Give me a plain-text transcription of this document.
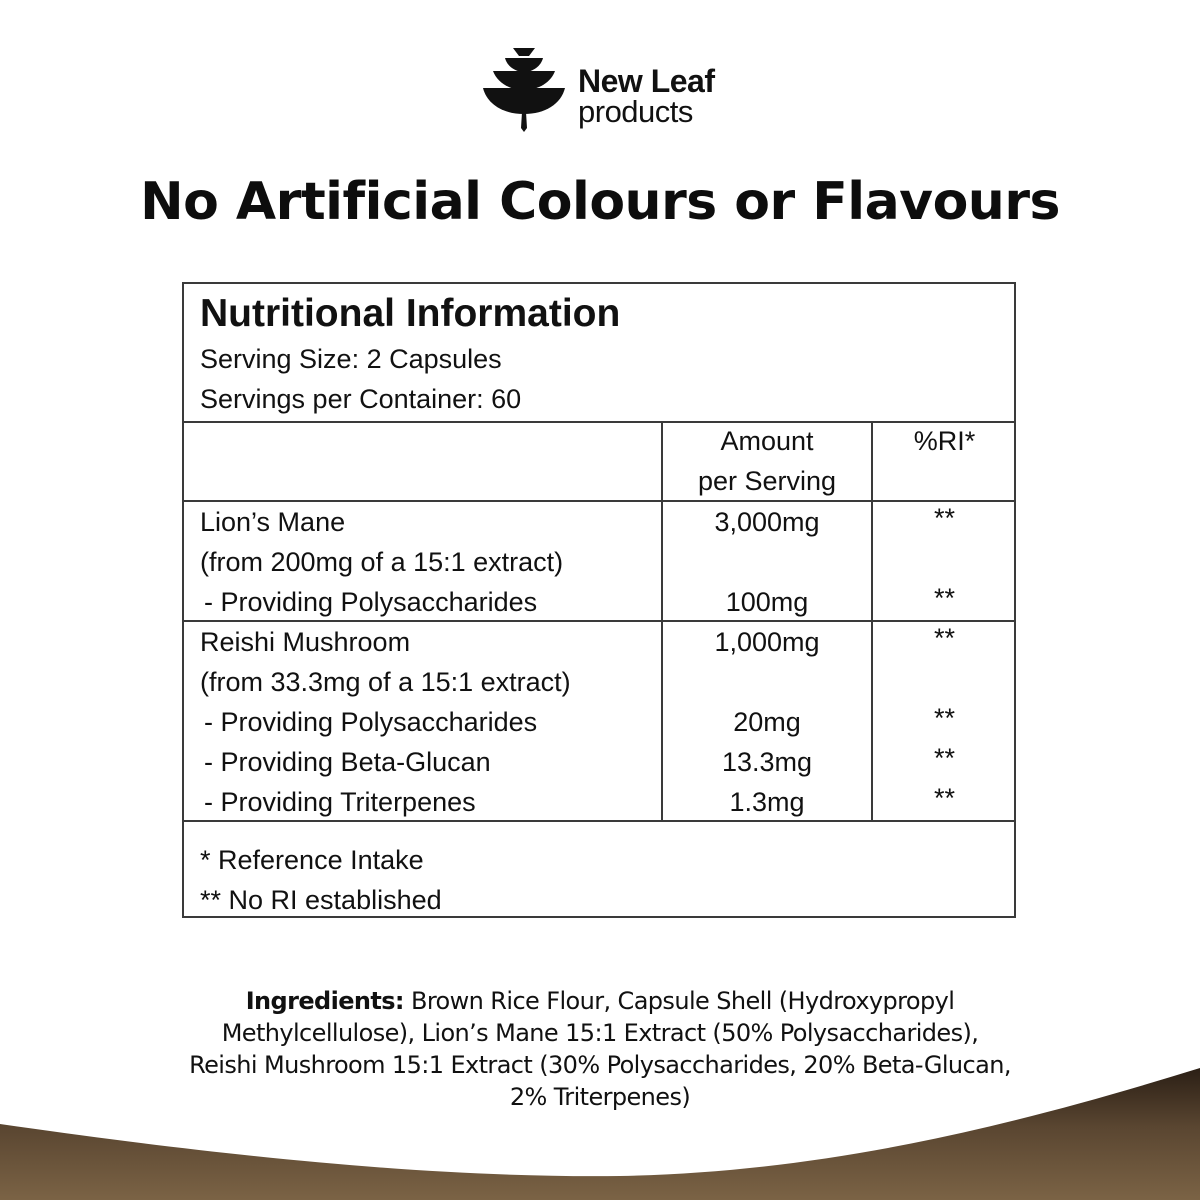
New Leaf
products
No Artificial Colours or Flavours
Nutritional Information
Serving Size: 2 Capsules
Servings per Container: 60
Amount
per Serving
%RI*
Lion’s Mane
(from 200mg of a 15:1 extract)
- Providing Polysaccharides
3,000mg
100mg
**
**
Reishi Mushroom
(from 33.3mg of a 15:1 extract)
- Providing Polysaccharides
- Providing Beta-Glucan
- Providing Triterpenes
1,000mg
20mg
13.3mg
1.3mg
**
**
**
**
* Reference Intake
** No RI established
Ingredients: Brown Rice Flour, Capsule Shell (Hydroxypropyl
Methylcellulose), Lion’s Mane 15:1 Extract (50% Polysaccharides),
Reishi Mushroom 15:1 Extract (30% Polysaccharides, 20% Beta-Glucan,
2% Triterpenes)
